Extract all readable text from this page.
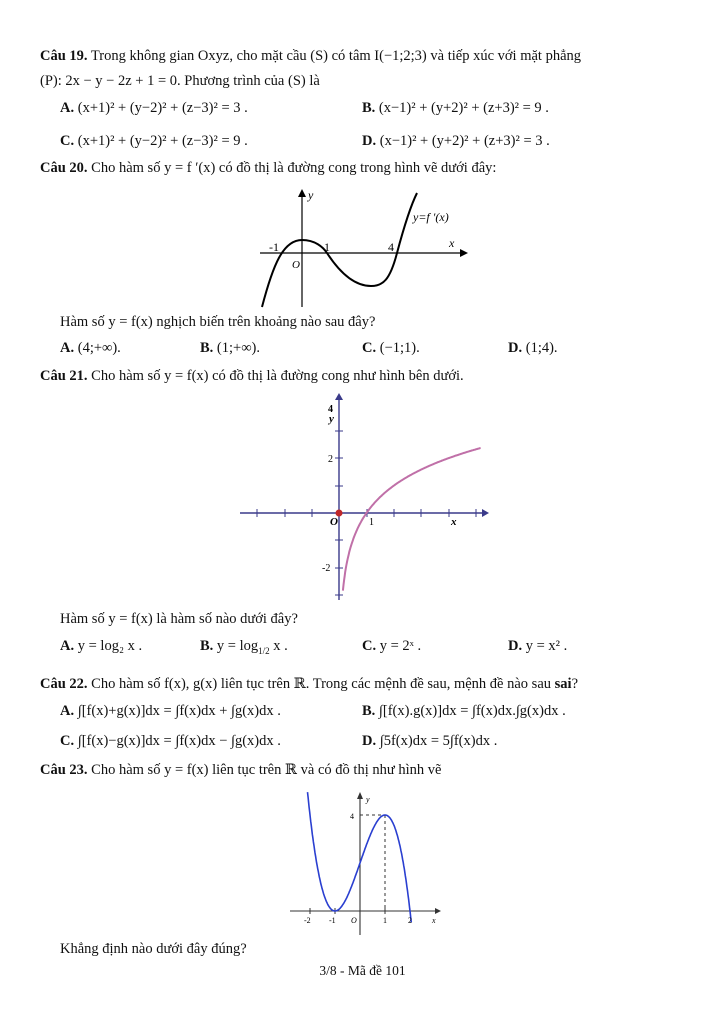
Câu 19. Trong không gian Oxyz, cho mặt cầu (S) có tâm I(−1;2;3) và tiếp xúc với mặt phẳng
(P): 2x − y − 2z + 1 = 0. Phương trình của (S) là
A. (x+1)² + (y−2)² + (z−3)² = 3 .	B. (x−1)² + (y+2)² + (z+3)² = 9 .
C. (x+1)² + (y−2)² + (z−3)² = 9 .	D. (x−1)² + (y+2)² + (z+3)² = 3 .
Câu 20. Cho hàm số y = f ′(x) có đồ thị là đường cong trong hình vẽ dưới đây:
y
x
y=f ′(x)
O
-1	1	4
Hàm số y = f(x) nghịch biến trên khoảng nào sau đây?
A. (4;+∞).	B. (1;+∞).	C. (−1;1).	D. (1;4).
Câu 21. Cho hàm số y = f(x) có đồ thị là đường cong như hình bên dưới.
4
y
2
-2
1
O	x
Hàm số y = f(x) là hàm số nào dưới đây?
A. y = log₂ x .	B. $y = \log_{1/2} x$ .	C. y = 2ˣ .	D. y = x² .
Câu 22. Cho hàm số f(x), g(x) liên tục trên ℝ. Trong các mệnh đề sau, mệnh đề nào sau sai?
A. ∫[f(x)+g(x)]dx = ∫f(x)dx + ∫g(x)dx .	B. ∫[f(x).g(x)]dx = ∫f(x)dx.∫g(x)dx .
C. ∫[f(x)−g(x)]dx = ∫f(x)dx − ∫g(x)dx .	D. ∫5f(x)dx = 5∫f(x)dx .
Câu 23. Cho hàm số y = f(x) liên tục trên ℝ và có đồ thị như hình vẽ
y
4
-2 -1 O	1	2	x
Khẳng định nào dưới đây đúng?
3/8 - Mã đề 101
